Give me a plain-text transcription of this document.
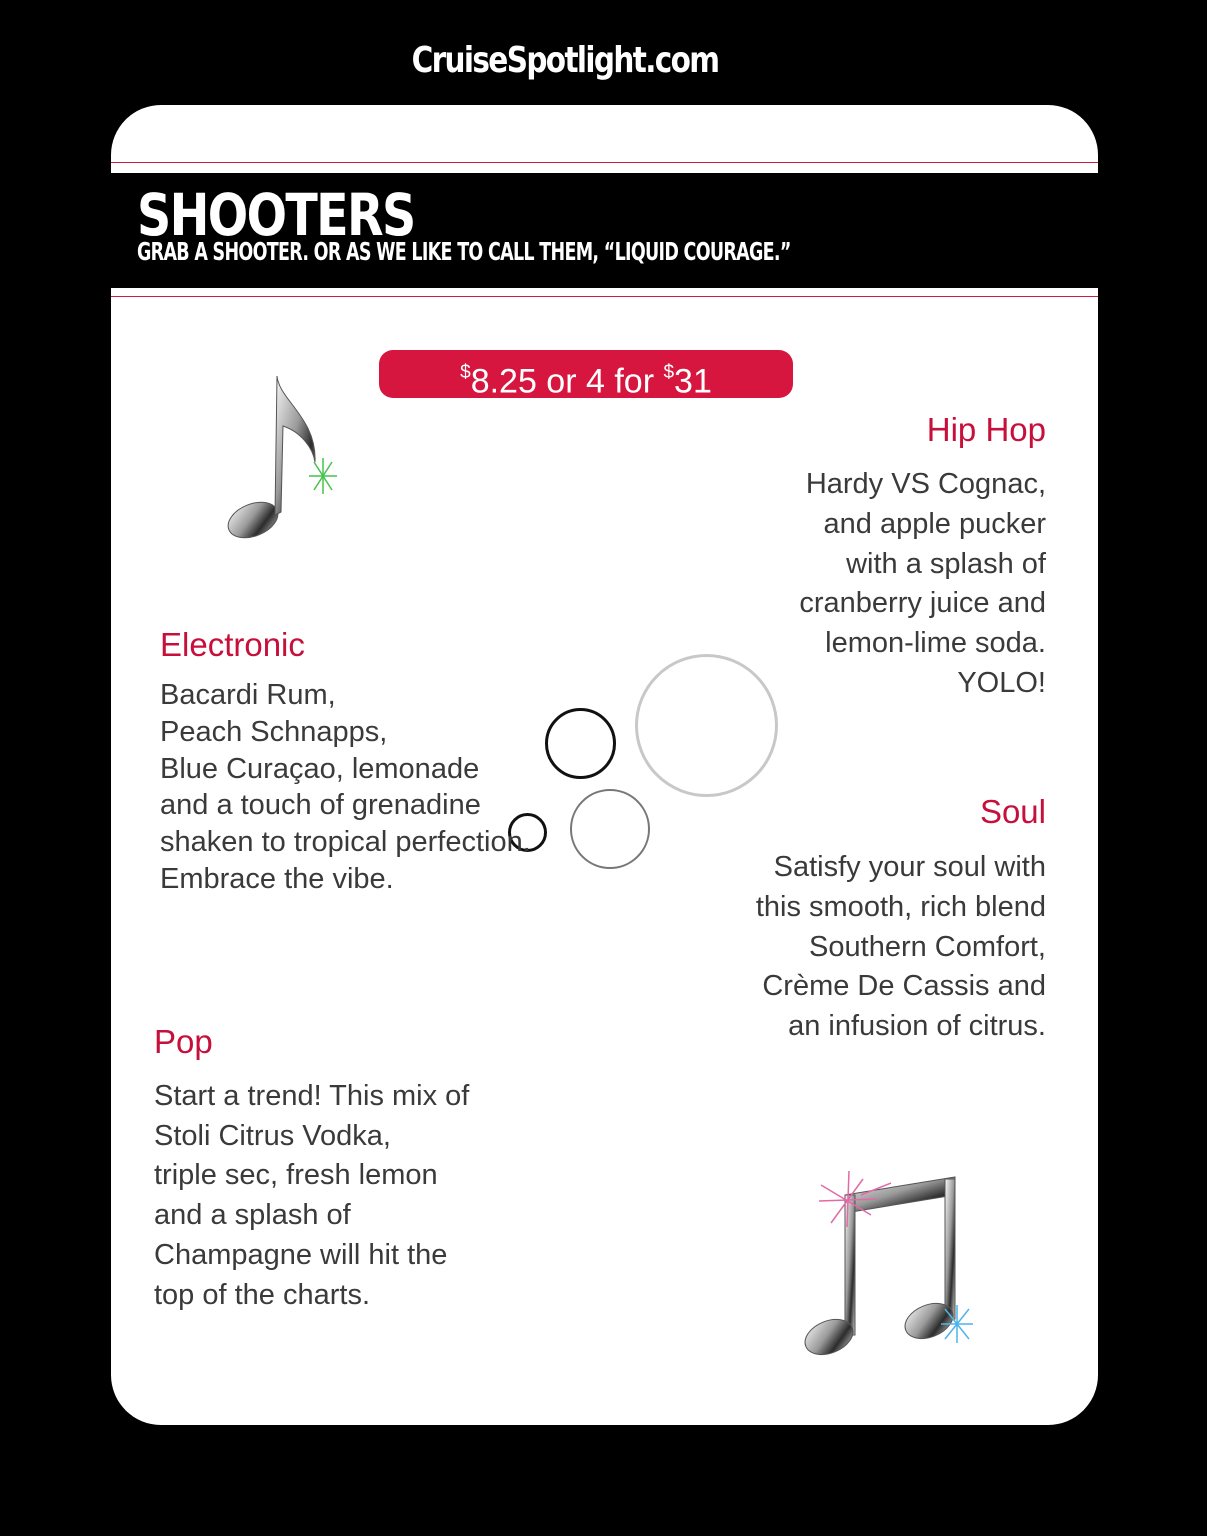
CruiseSpotlight.com
SHOOTERS
GRAB A SHOOTER. OR AS WE LIKE TO CALL THEM, “LIQUID COURAGE.”
$8.25 or 4 for $31
Hip Hop
Hardy VS Cognac,
and apple pucker
with a splash of
cranberry juice and
lemon-lime soda.
YOLO!
Electronic
Bacardi Rum,
Peach Schnapps,
Blue Curaçao, lemonade
and a touch of grenadine
shaken to tropical perfection.
Embrace the vibe.
Soul
Satisfy your soul with
this smooth, rich blend
Southern Comfort,
Crème De Cassis and
an infusion of citrus.
Pop
Start a trend! This mix of
Stoli Citrus Vodka,
triple sec, fresh lemon
and a splash of
Champagne will hit the
top of the charts.
